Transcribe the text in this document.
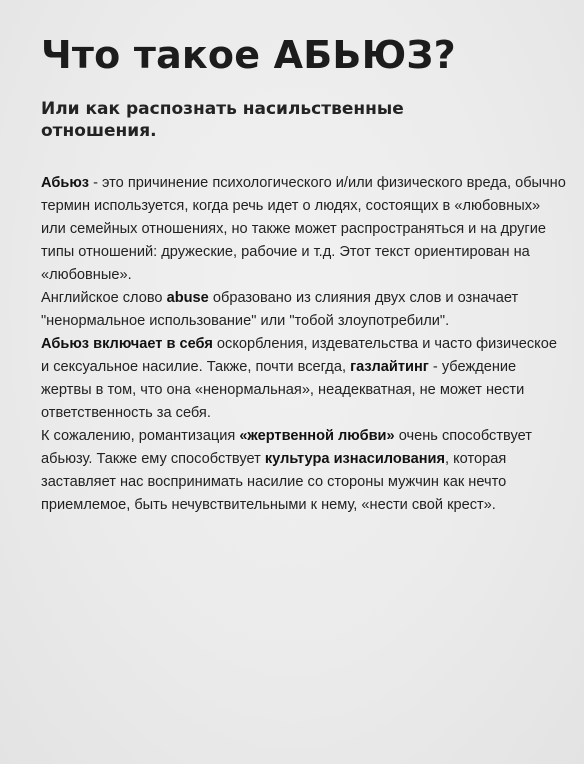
Что такое АБЬЮЗ?
Или как распознать насильственные отношения.

Абьюз - это причинение психологического и/или физического вреда, обычно термин используется, когда речь идет о людях, состоящих в «любовных» или семейных отношениях, но также может распространяться и на другие типы отношений: дружеские, рабочие и т.д. Этот текст ориентирован на «любовные».

Английское слово abuse образовано из слияния двух слов и означает "ненормальное использование" или "тобой злоупотребили".

Абьюз включает в себя оскорбления, издевательства и часто физическое и сексуальное насилие. Также, почти всегда, газлайтинг - убеждение жертвы в том, что она «ненормальная», неадекватная, не может нести ответственность за себя.

К сожалению, романтизация «жертвенной любви» очень способствует абьюзу. Также ему способствует культура изнасилования, которая заставляет нас воспринимать насилие со стороны мужчин как нечто приемлемое, быть нечувствительными к нему, «нести свой крест».
